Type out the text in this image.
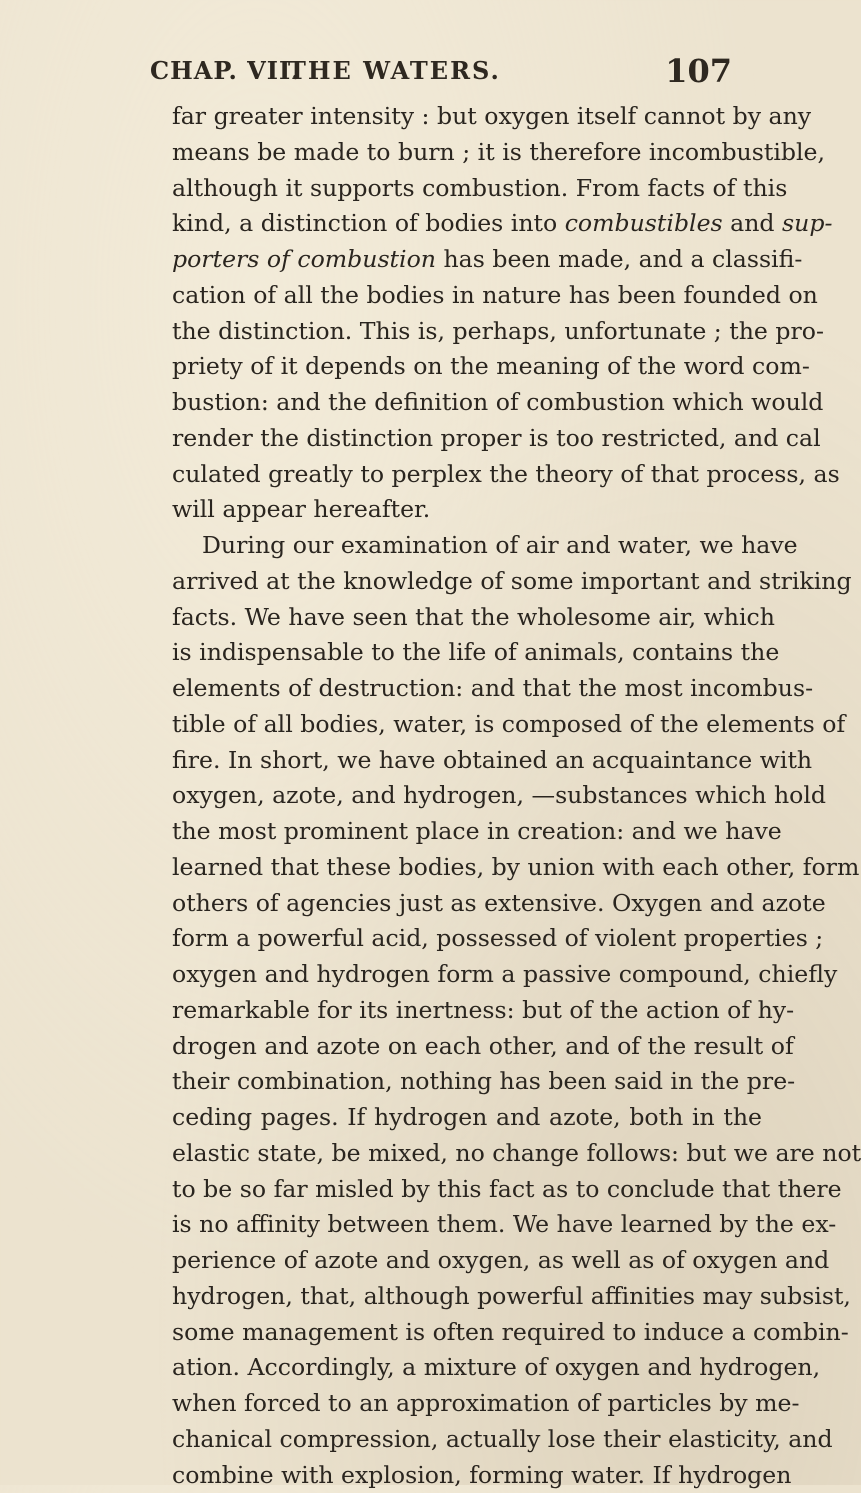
CHAP. VII.
THE WATERS.	107
far greater intensity : but oxygen itself cannot by any
means be made to burn ; it is therefore incombustible,
although it supports combustion. From facts of this
kind, a distinction of bodies into combustibles and sup-
porters of combustion has been made, and a classifi-
cation of all the bodies in nature has been founded on
the distinction. This is, perhaps, unfortunate ; the pro-
priety of it depends on the meaning of the word com-
bustion: and the definition of combustion which would
render the distinction proper is too restricted, and cal
culated greatly to perplex the theory of that process, as
will appear hereafter.
During our examination of air and water, we have
arrived at the knowledge of some important and striking
facts. We have seen that the wholesome air, which
is indispensable to the life of animals, contains the
elements of destruction: and that the most incombus-
tible of all bodies, water, is composed of the elements of
fire. In short, we have obtained an acquaintance with
oxygen, azote, and hydrogen, —substances which hold
the most prominent place in creation: and we have
learned that these bodies, by union with each other, form
others of agencies just as extensive. Oxygen and azote
form a powerful acid, possessed of violent properties ;
oxygen and hydrogen form a passive compound, chiefly
remarkable for its inertness: but of the action of hy-
drogen and azote on each other, and of the result of
their combination, nothing has been said in the pre-
ceding pages. If hydrogen and azote, both in the
elastic state, be mixed, no change follows: but we are not
to be so far misled by this fact as to conclude that there
is no affinity between them. We have learned by the ex-
perience of azote and oxygen, as well as of oxygen and
hydrogen, that, although powerful affinities may subsist,
some management is often required to induce a combin-
ation. Accordingly, a mixture of oxygen and hydrogen,
when forced to an approximation of particles by me-
chanical compression, actually lose their elasticity, and
combine with explosion, forming water. If hydrogen
